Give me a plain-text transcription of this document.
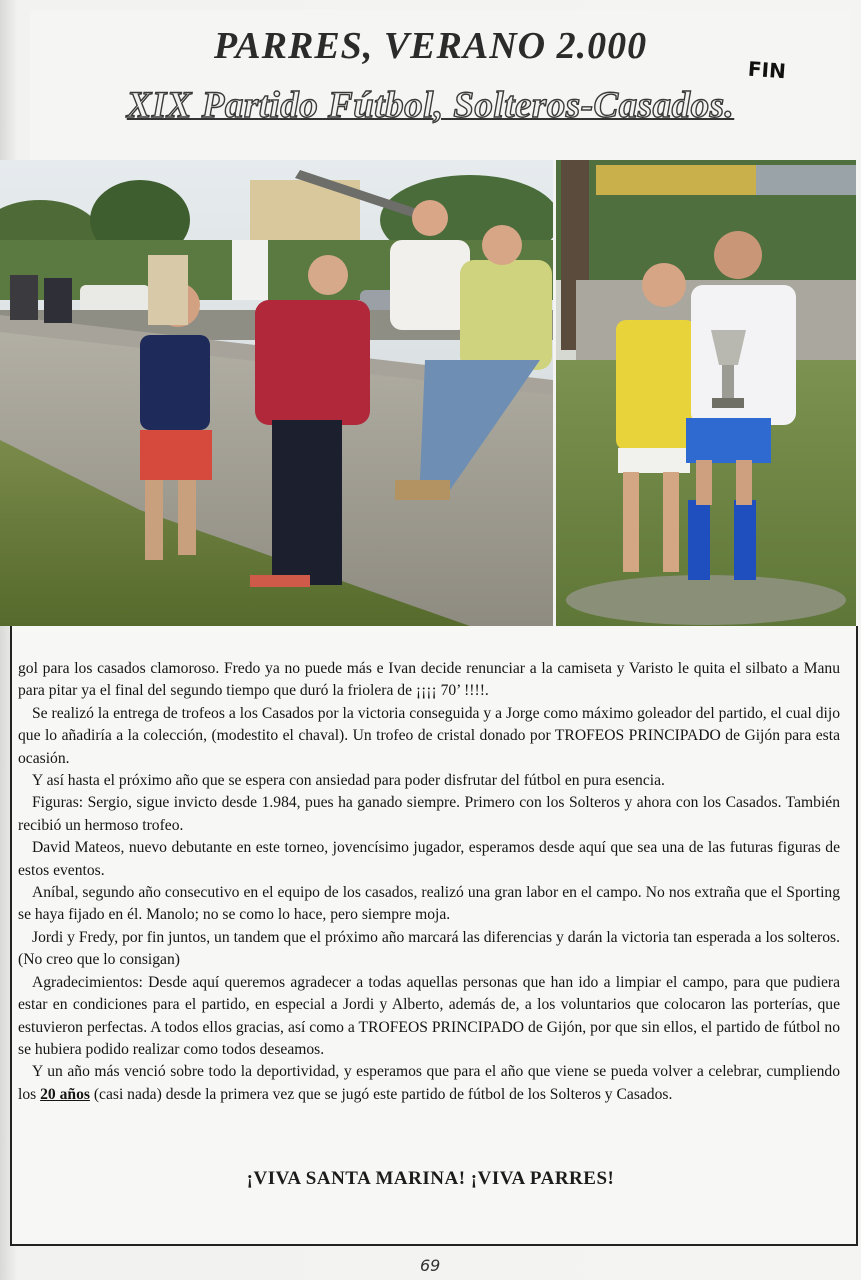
PARRES, VERANO 2.000
FIN
XIX Partido Fútbol, Solteros-Casados.

gol para los casados clamoroso. Fredo ya no puede más e Ivan decide renunciar a la camiseta y Varisto le quita el silbato a Manu para pitar ya el final del segundo tiempo que duró la friolera de ¡¡¡¡ 70’ !!!!.

Se realizó la entrega de trofeos a los Casados por la victoria conseguida y a Jorge como máximo goleador del partido, el cual dijo que lo añadiría a la colección, (modestito el chaval). Un trofeo de cristal donado por TROFEOS PRINCIPADO de Gijón para esta ocasión.

Y así hasta el próximo año que se espera con ansiedad para poder disfrutar del fútbol en pura esencia.

Figuras: Sergio, sigue invicto desde 1.984, pues ha ganado siempre. Primero con los Solteros y ahora con los Casados. También recibió un hermoso trofeo.

David Mateos, nuevo debutante en este torneo, jovencísimo jugador, esperamos desde aquí que sea una de las futuras figuras de estos eventos.

Aníbal, segundo año consecutivo en el equipo de los casados, realizó una gran labor en el campo. No nos extraña que el Sporting se haya fijado en él. Manolo; no se como lo hace, pero siempre moja.

Jordi y Fredy, por fin juntos, un tandem que el próximo año marcará las diferencias y darán la victoria tan esperada a los solteros. (No creo que lo consigan)

Agradecimientos: Desde aquí queremos agradecer a todas aquellas personas que han ido a limpiar el campo, para que pudiera estar en condiciones para el partido, en especial a Jordi y Alberto, además de, a los voluntarios que colocaron las porterías, que estuvieron perfectas. A todos ellos gracias, así como a TROFEOS PRINCIPADO de Gijón, por que sin ellos, el partido de fútbol no se hubiera podido realizar como todos deseamos.

Y un año más venció sobre todo la deportividad, y esperamos que para el año que viene se pueda volver a celebrar, cumpliendo los 20 años (casi nada) desde la primera vez que se jugó este partido de fútbol de los Solteros y Casados.

¡VIVA SANTA MARINA! ¡VIVA PARRES!
69
